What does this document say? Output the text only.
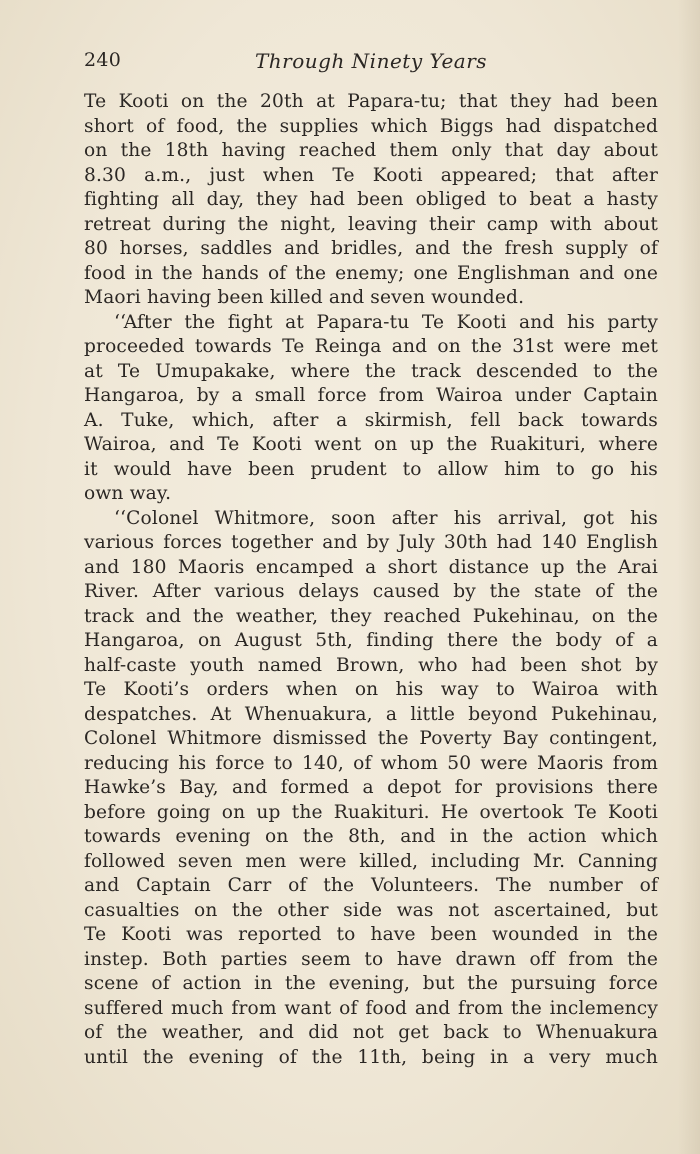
240	Through Ninety Years
Te Kooti on the 20th at Papara-tu; that they had been
short of food, the supplies which Biggs had dispatched
on the 18th having reached them only that day about
8.30 a.m., just when Te Kooti appeared; that after
fighting all day, they had been obliged to beat a hasty
retreat during the night, leaving their camp with about
80 horses, saddles and bridles, and the fresh supply of
food in the hands of the enemy; one Englishman and one
Maori having been killed and seven wounded.
‘‘After the fight at Papara-tu Te Kooti and his party
proceeded towards Te Reinga and on the 31st were met
at Te Umupakake, where the track descended to the
Hangaroa, by a small force from Wairoa under Captain
A. Tuke, which, after a skirmish, fell back towards
Wairoa, and Te Kooti went on up the Ruakituri, where
it would have been prudent to allow him to go his
own way.
‘‘Colonel Whitmore, soon after his arrival, got his
various forces together and by July 30th had 140 English
and 180 Maoris encamped a short distance up the Arai
River. After various delays caused by the state of the
track and the weather, they reached Pukehinau, on the
Hangaroa, on August 5th, finding there the body of a
half-caste youth named Brown, who had been shot by
Te Kooti’s orders when on his way to Wairoa with
despatches. At Whenuakura, a little beyond Pukehinau,
Colonel Whitmore dismissed the Poverty Bay contingent,
reducing his force to 140, of whom 50 were Maoris from
Hawke’s Bay, and formed a depot for provisions there
before going on up the Ruakituri. He overtook Te Kooti
towards evening on the 8th, and in the action which
followed seven men were killed, including Mr. Canning
and Captain Carr of the Volunteers. The number of
casualties on the other side was not ascertained, but
Te Kooti was reported to have been wounded in the
instep. Both parties seem to have drawn off from the
scene of action in the evening, but the pursuing force
suffered much from want of food and from the inclemency
of the weather, and did not get back to Whenuakura
until the evening of the 11th, being in a very much
